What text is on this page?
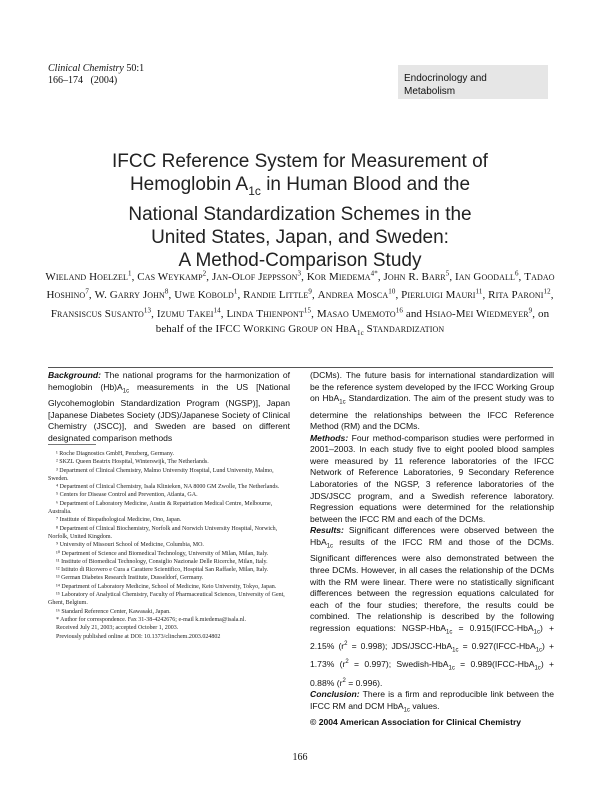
Clinical Chemistry 50:1
166–174 (2004)	Endocrinology and
Metabolism
IFCC Reference System for Measurement of
Hemoglobin $A_{1c}$ in Human Blood and the
National Standardization Schemes in the
United States, Japan, and Sweden:
A Method-Comparison Study
Wieland Hoelzel$^1$, Cas Weykamp$^2$, Jan-Olof Jeppsson$^3$, Kor Miedema$^{4*}$, John R. Barr$^5$, Ian Goodall$^6$, Tadao Hoshino$^7$, W. Garry John$^8$, Uwe Kobold$^1$, Randie Little$^9$, Andrea Mosca$^{10}$, Pierluigi Mauri$^{11}$, Rita Paroni$^{12}$, Fransiscus Susanto$^{13}$, Izumu Takei$^{14}$, Linda Thienpont$^{15}$, Masao Umemoto$^{16}$ and Hsiao-Mei Wiedmeyer$^9$, on
behalf of the IFCC Working Group on HbA$_{1c}$ Standardization

Background: The national programs for the harmonization of hemoglobin $(Hb)A_{1c}$ measurements in the US [National Glycohemoglobin Standardization Program (NGSP)], Japan [Japanese Diabetes Society (JDS)/Japanese Society of Clinical Chemistry (JSCC)], and Sweden are based on different designated comparison methods

¹ Roche Diagnostics GmbH, Penzberg, Germany.

² SKZL Queen Beatrix Hospital, Winterswijk, The Netherlands.

³ Department of Clinical Chemistry, Malmo University Hospital, Lund University, Malmo, Sweden.

⁴ Department of Clinical Chemistry, Isala Klinieken, NA 8000 GM Zwolle, The Netherlands.

⁵ Centers for Disease Control and Prevention, Atlanta, GA.

⁶ Department of Laboratory Medicine, Austin & Repatriation Medical Centre, Melbourne, Australia.

⁷ Institute of Biopathological Medicine, Ono, Japan.

⁸ Department of Clinical Biochemistry, Norfolk and Norwich University Hospital, Norwich, Norfolk, United Kingdom.

⁹ University of Missouri School of Medicine, Columbia, MO.

¹⁰ Department of Science and Biomedical Technology, University of Milan, Milan, Italy.

¹¹ Institute of Biomedical Technology, Consiglio Nazionale Delle Ricerche, Milan, Italy.

¹² Istituto di Ricovero e Cura a Carattere Scientifico, Hospital San Raffaele, Milan, Italy.

¹³ German Diabetes Research Institute, Dusseldorf, Germany.

¹⁴ Department of Laboratory Medicine, School of Medicine, Keio University, Tokyo, Japan.

¹⁵ Laboratory of Analytical Chemistry, Faculty of Pharmaceutical Sciences, University of Gent, Ghent, Belgium.

¹⁶ Standard Reference Center, Kawasaki, Japan.

* Author for correspondence. Fax 31-38-4242676; e-mail k.miedema@isala.nl.

Received July 21, 2003; accepted October 1, 2003.

Previously published online at DOI: 10.1373/clinchem.2003.024802

(DCMs). The future basis for international standardization will be the reference system developed by the IFCC Working Group on HbA$_{1c}$ Standardization. The aim of the present study was to determine the relationships between the IFCC Reference Method (RM) and the DCMs.

Methods: Four method-comparison studies were performed in 2001–2003. In each study five to eight pooled blood samples were measured by 11 reference laboratories of the IFCC Network of Reference Laboratories, 9 Secondary Reference Laboratories of the NGSP, 3 reference laboratories of the JDS/JSCC program, and a Swedish reference laboratory. Regression equations were determined for the relationship between the IFCC RM and each of the DCMs.

Results: Significant differences were observed between the HbA$_{1c}$ results of the IFCC RM and those of the DCMs. Significant differences were also demonstrated between the three DCMs. However, in all cases the relationship of the DCMs with the RM were linear. There were no statistically significant differences between the regression equations calculated for each of the four studies; therefore, the results could be combined. The relationship is described by the following regression equations: NGSP-HbA$_{1c}$ = 0.915(IFCC-HbA$_{1c}$) + 2.15% $(r^2 = 0.998)$; JDS/JSCC-HbA$_{1c}$ = 0.927(IFCC-HbA$_{1c}$) + 1.73% $(r^2 = 0.997)$; Swedish-HbA$_{1c}$ = 0.989(IFCC-HbA$_{1c}$) + 0.88% $(r^2 = 0.996)$.

Conclusion: There is a firm and reproducible link between the IFCC RM and DCM HbA$_{1c}$ values.

© 2004 American Association for Clinical Chemistry

166
